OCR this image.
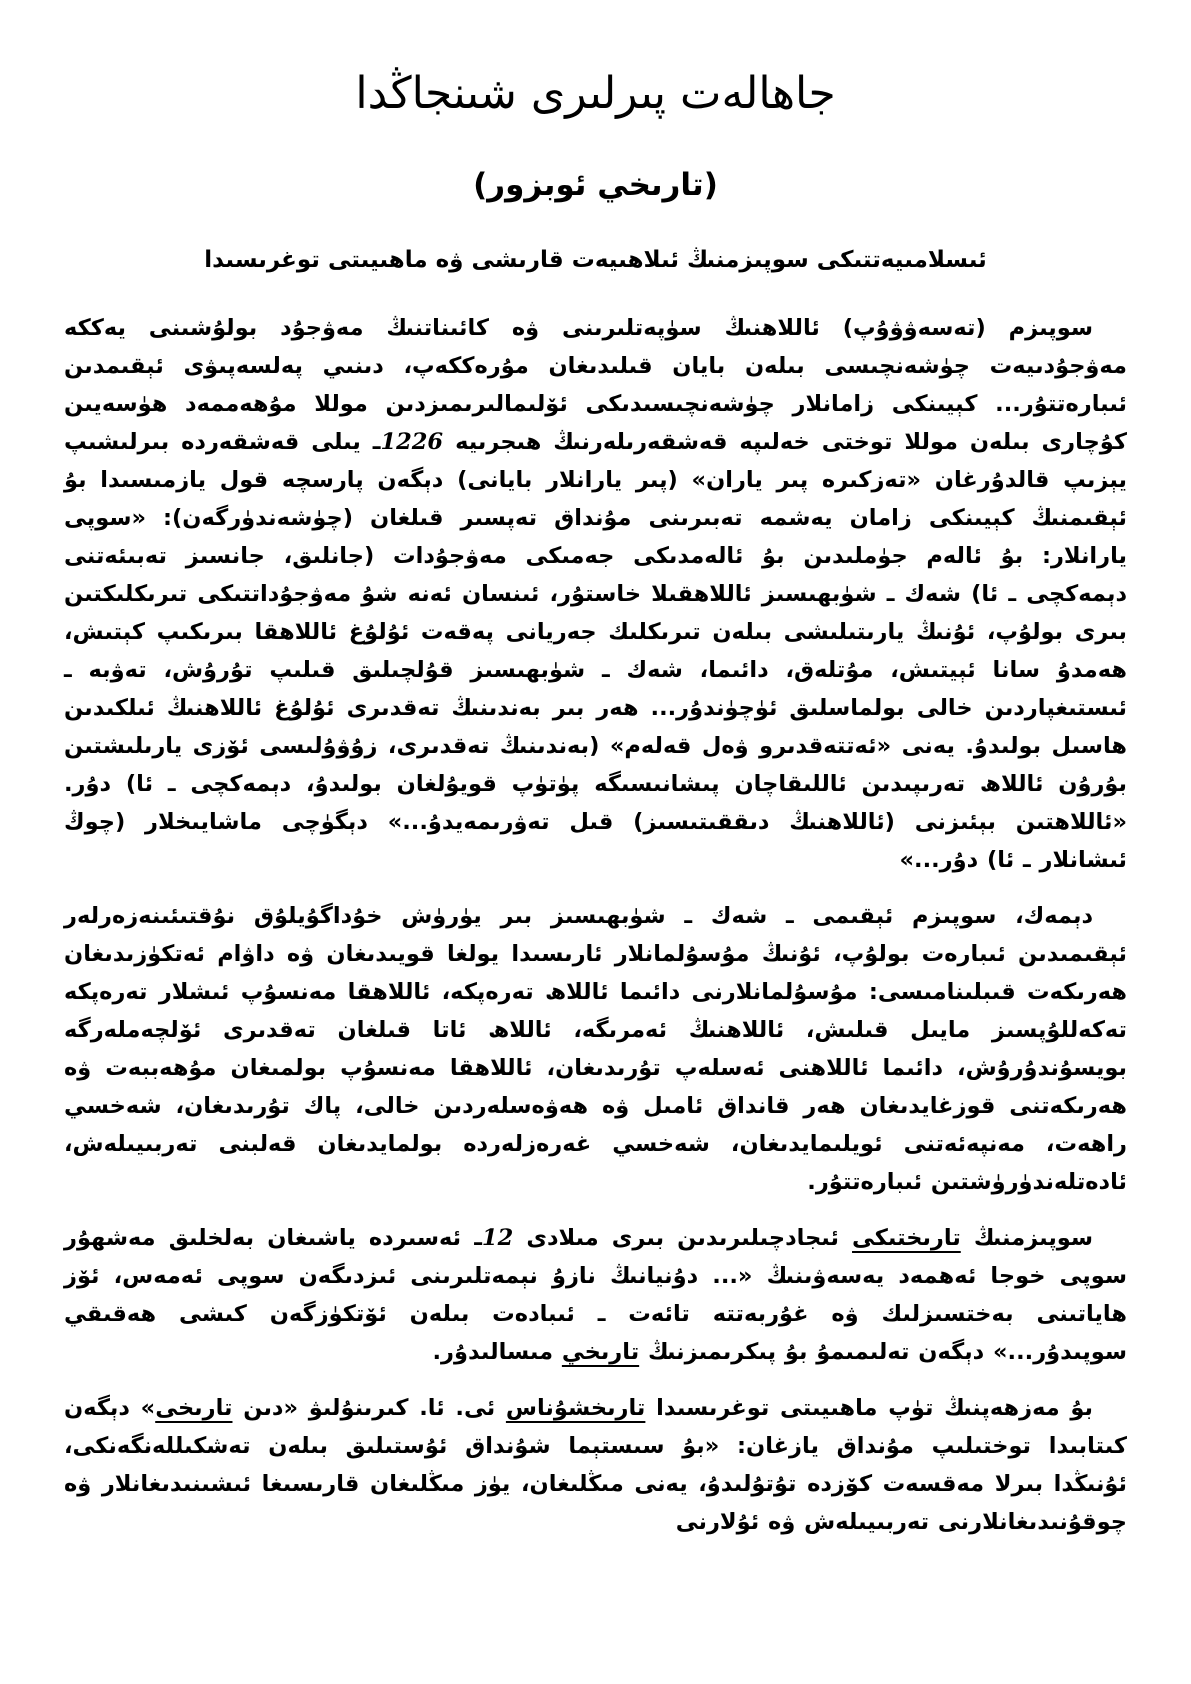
جاھالەت پىرلىرى شىنجاڭدا
(تارىخي ئوبزور)
ئىسلامىيەتتىكى سوپىزمنىڭ ئىلاھىيەت قارىشى ۋە ماھىيىتى توغرىسىدا

سوپىزم (تەسەۋۋۇپ) ئاللاھنىڭ سۈپەتلىرىنى ۋە كائىناتنىڭ مەۋجۇد بولۇشىنى يەككە مەۋجۇدىيەت چۈشەنچىسى بىلەن بايان قىلىدىغان مۇرەككەپ، دىنىي پەلسەپىۋى ئېقىمدىن ئىبارەتتۇر... كېيىنكى زامانلار چۈشەنچىسىدىكى ئۆلىمالىرىمىزدىن موللا مۇھەممەد ھۈسەيىن كۇچارى بىلەن موللا توختى خەلىپە قەشقەرىلەرنىڭ ھىجرىيە 1226ـ يىلى قەشقەردە بىرلىشىپ يېزىپ قالدۇرغان «تەزكىرە پىر ياران» (پىر يارانلار بايانى) دېگەن پارسچە قول يازمىسىدا بۇ ئېقىمنىڭ كېيىنكى زامان يەشمە تەبىرىنى مۇنداق تەپسىر قىلغان (چۈشەندۈرگەن): «سوپى يارانلار: بۇ ئالەم جۈملىدىن بۇ ئالەمدىكى جەمىكى مەۋجۇدات (جانلىق، جانسىز تەبىئەتنى دېمەكچى ـ ئا) شەك ـ شۈبھىسىز ئاللاھقىلا خاستۇر، ئىنسان ئەنە شۇ مەۋجۇداتتىكى تىرىكلىكتىن بىرى بولۇپ، ئۇنىڭ يارىتىلىشى بىلەن تىرىكلىك جەريانى پەقەت ئۇلۇغ ئاللاھقا بىرىكىپ كېتىش، ھەمدۇ سانا ئېيتىش، مۇتلەق، دائىما، شەك ـ شۈبھىسىز قۇلچىلىق قىلىپ تۇرۇش، تەۋبە ـ ئىستىغپاردىن خالى بولماسلىق ئۈچۈندۇر... ھەر بىر بەندىنىڭ تەقدىرى ئۇلۇغ ئاللاھنىڭ ئىلكىدىن ھاسىل بولىدۇ. يەنى «ئەتتەقدىرو ۋەل قەلەم» (بەندىنىڭ تەقدىرى، زۇۋۇلىسى ئۆزى يارىلىشتىن بۇرۇن ئاللاھ تەرىپىدىن ئاللىقاچان پىشانىسىگە پۈتۈپ قويۇلغان بولىدۇ، دېمەكچى ـ ئا) دۇر. «ئاللاھتىن بېئىزنى (ئاللاھنىڭ دىققىتىسىز) قىل تەۋرىمەيدۇ...» دېگۈچى ماشايىخلار (چوڭ ئىشانلار ـ ئا) دۇر...»

دېمەك، سوپىزم ئېقىمى ـ شەك ـ شۈبھىسىز بىر يۈرۈش خۇداگۇيلۇق نۇقتىئىنەزەرلەر ئېقىمىدىن ئىبارەت بولۇپ، ئۇنىڭ مۇسۇلمانلار ئارىسىدا يولغا قويىدىغان ۋە داۋام ئەتكۈزىدىغان ھەرىكەت قىبلىنامىسى: مۇسۇلمانلارنى دائىما ئاللاھ تەرەپكە، ئاللاھقا مەنسۇپ ئىشلار تەرەپكە تەكەللۇپسىز مايىل قىلىش، ئاللاھنىڭ ئەمرىگە، ئاللاھ ئاتا قىلغان تەقدىرى ئۆلچەملەرگە بويسۇندۇرۇش، دائىما ئاللاھنى ئەسلەپ تۇرىدىغان، ئاللاھقا مەنسۇپ بولمىغان مۇھەببەت ۋە ھەرىكەتنى قوزغايدىغان ھەر قانداق ئامىل ۋە ھەۋەسلەردىن خالى، پاك تۇرىدىغان، شەخسي راھەت، مەنپەئەتنى ئويلىمايدىغان، شەخسي غەرەزلەردە بولمايدىغان قەلبنى تەربىيىلەش، ئادەتلەندۈرۈشتىن ئىبارەتتۇر.

سوپىزمنىڭ تارىختىكى ئىجادچىلىرىدىن بىرى مىلادى 12ـ ئەسىردە ياشىغان بەلخلىق مەشھۇر سوپى خوجا ئەھمەد يەسەۋىنىڭ «... دۇنيانىڭ نازۇ نېمەتلىرىنى ئىزدىگەن سوپى ئەمەس، ئۆز ھاياتىنى بەختسىزلىك ۋە غۇربەتتە تائەت ـ ئىبادەت بىلەن ئۆتكۈزگەن كىشى ھەقىقي سوپىدۇر...» دېگەن تەلىمىمۇ بۇ پىكرىمىزنىڭ تارىخي مىسالىدۇر.

بۇ مەزھەپنىڭ تۈپ ماھىيىتى توغرىسىدا تارىخشۇناس ئى. ئا. كىرىنۇلىۋ «دىن تارىخى» دېگەن كىتابىدا توختىلىپ مۇنداق يازغان: «بۇ سىستېما شۇنداق ئۇستىلىق بىلەن تەشكىللەنگەنكى، ئۇنىڭدا بىرلا مەقسەت كۆزدە تۇتۇلىدۇ، يەنى مىڭلىغان، يۈز مىڭلىغان قارىسىغا ئىشىنىدىغانلار ۋە چوقۇنىدىغانلارنى تەربىيىلەش ۋە ئۇلارنى
